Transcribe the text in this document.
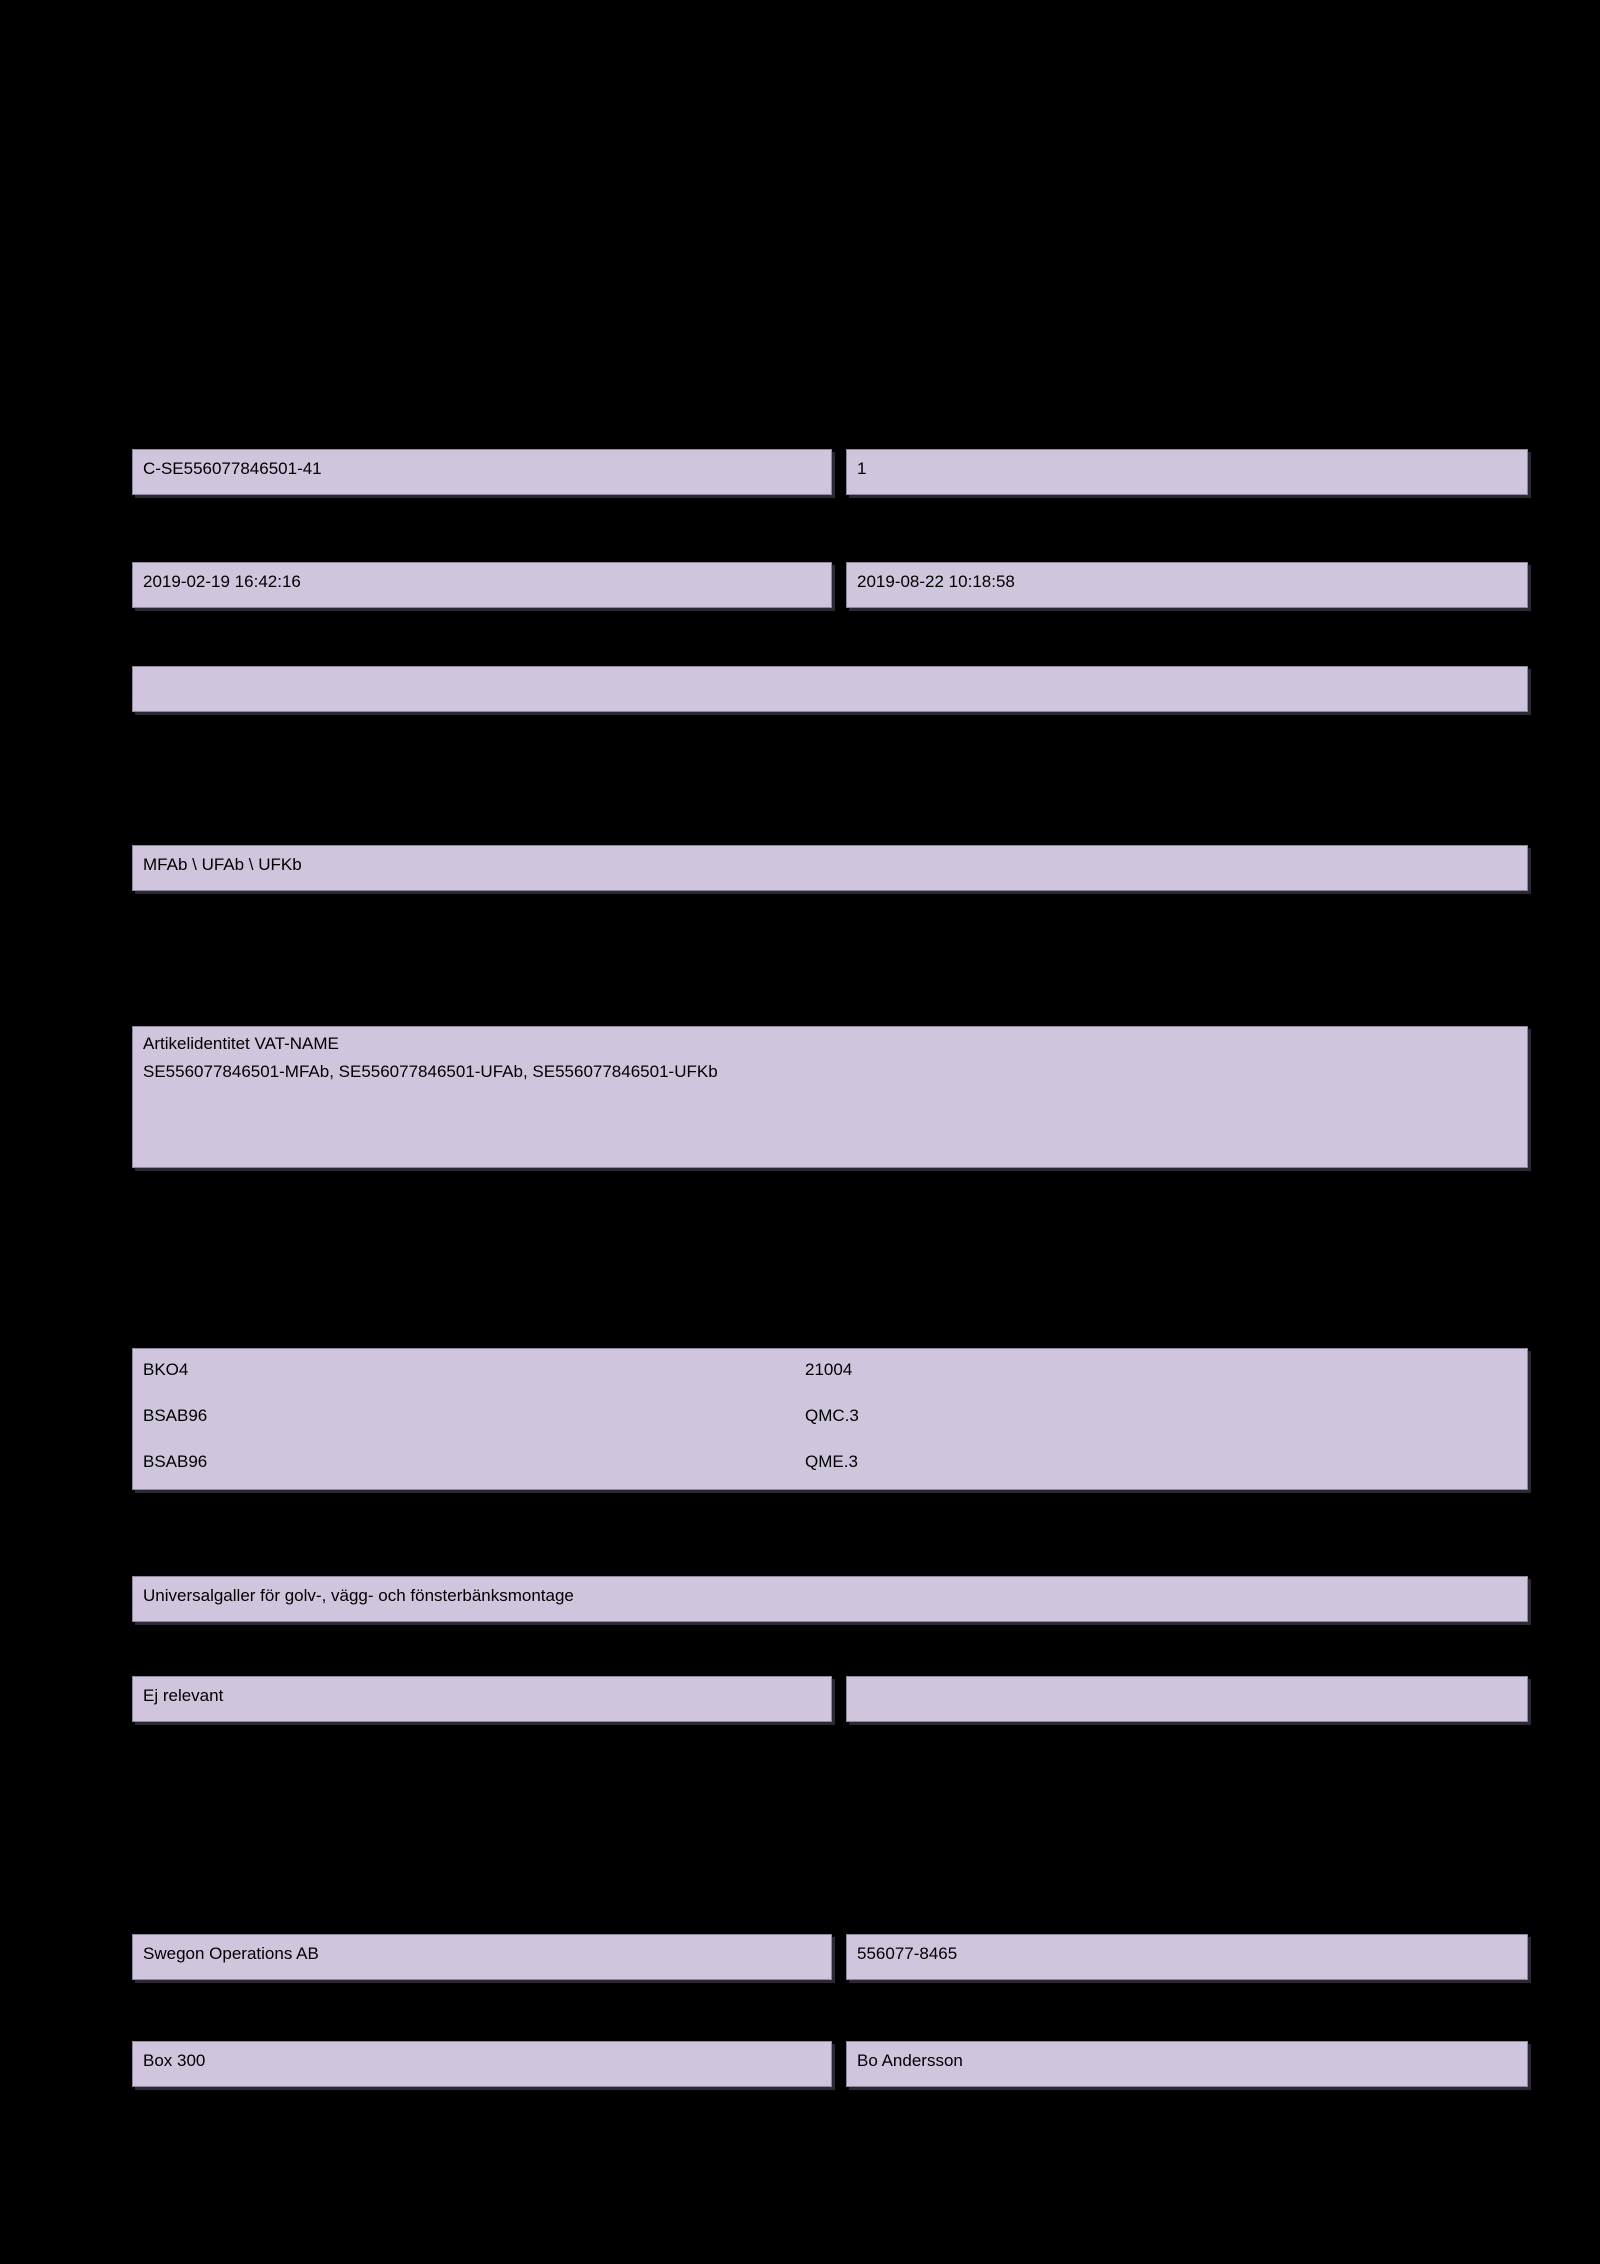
C-SE556077846501-41	1
2019-02-19 16:42:16	2019-08-22 10:18:58
MFAb \ UFAb \ UFKb
Artikelidentitet VAT-NAME
SE556077846501-MFAb, SE556077846501-UFAb, SE556077846501-UFKb
BKO4	21004
BSAB96	QMC.3
BSAB96	QME.3
Universalgaller för golv-, vägg- och fönsterbänksmontage
Ej relevant
Swegon Operations AB	556077-8465
Box 300	Bo Andersson
